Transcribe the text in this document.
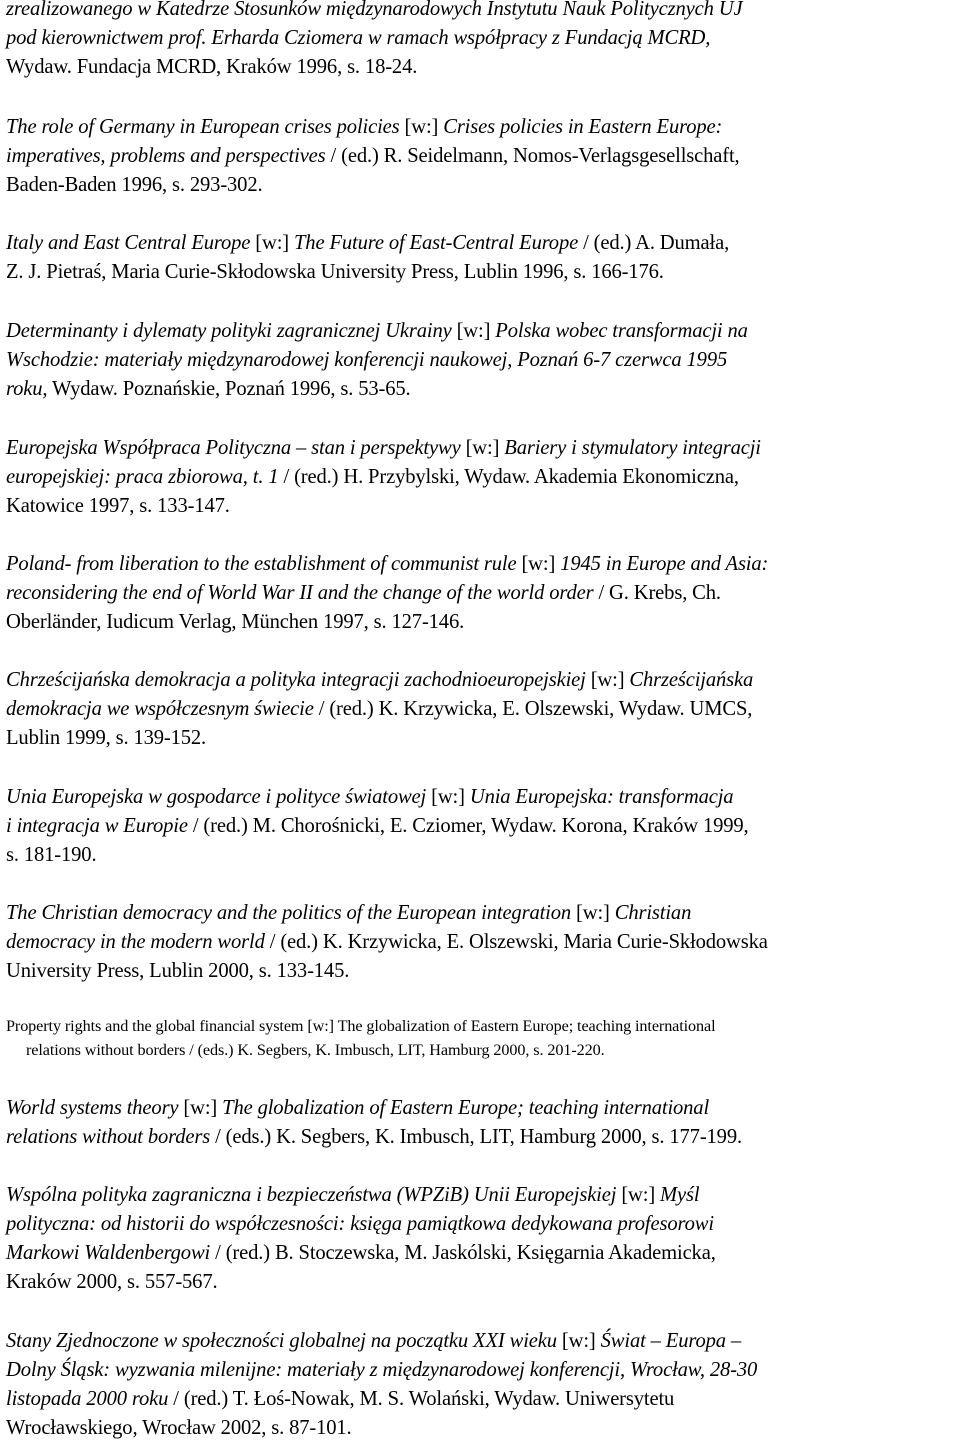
zrealizowanego w Katedrze Stosunków międzynarodowych Instytutu Nauk Politycznych UJ
pod kierownictwem prof. Erharda Cziomera w ramach współpracy z Fundacją MCRD,
Wydaw. Fundacja MCRD, Kraków 1996, s. 18-24.
The role of Germany in European crises policies [w:] Crises policies in Eastern Europe:
imperatives, problems and perspectives / (ed.) R. Seidelmann, Nomos-Verlagsgesellschaft,
Baden-Baden 1996, s. 293-302.
Italy and East Central Europe [w:] The Future of East-Central Europe / (ed.) A. Dumała,
Z. J. Pietraś, Maria Curie-Skłodowska University Press, Lublin 1996, s. 166-176.
Determinanty i dylematy polityki zagranicznej Ukrainy [w:] Polska wobec transformacji na
Wschodzie: materiały międzynarodowej konferencji naukowej, Poznań 6-7 czerwca 1995
roku, Wydaw. Poznańskie, Poznań 1996, s. 53-65.
Europejska Współpraca Polityczna – stan i perspektywy [w:] Bariery i stymulatory integracji
europejskiej: praca zbiorowa, t. 1 / (red.) H. Przybylski, Wydaw. Akademia Ekonomiczna,
Katowice 1997, s. 133-147.
Poland- from liberation to the establishment of communist rule [w:] 1945 in Europe and Asia:
reconsidering the end of World War II and the change of the world order / G. Krebs, Ch.
Oberländer, Iudicum Verlag, München 1997, s. 127-146.
Chrześcijańska demokracja a polityka integracji zachodnioeuropejskiej [w:] Chrześcijańska
demokracja we współczesnym świecie / (red.) K. Krzywicka, E. Olszewski, Wydaw. UMCS,
Lublin 1999, s. 139-152.
Unia Europejska w gospodarce i polityce światowej [w:] Unia Europejska: transformacja
i integracja w Europie / (red.) M. Chorośnicki, E. Cziomer, Wydaw. Korona, Kraków 1999,
s. 181-190.
The Christian democracy and the politics of the European integration [w:] Christian
democracy in the modern world / (ed.) K. Krzywicka, E. Olszewski, Maria Curie-Skłodowska
University Press, Lublin 2000, s. 133-145.
Property rights and the global financial system [w:] The globalization of Eastern Europe; teaching international
relations without borders / (eds.) K. Segbers, K. Imbusch, LIT, Hamburg 2000, s. 201-220.
World systems theory [w:] The globalization of Eastern Europe; teaching international
relations without borders / (eds.) K. Segbers, K. Imbusch, LIT, Hamburg 2000, s. 177-199.
Wspólna polityka zagraniczna i bezpieczeństwa (WPZiB) Unii Europejskiej [w:] Myśl
polityczna: od historii do współczesności: księga pamiątkowa dedykowana profesorowi
Markowi Waldenbergowi / (red.) B. Stoczewska, M. Jaskólski, Księgarnia Akademicka,
Kraków 2000, s. 557-567.
Stany Zjednoczone w społeczności globalnej na początku XXI wieku [w:] Świat – Europa –
Dolny Śląsk: wyzwania milenijne: materiały z międzynarodowej konferencji, Wrocław, 28-30
listopada 2000 roku / (red.) T. Łoś-Nowak, M. S. Wolański, Wydaw. Uniwersytetu
Wrocławskiego, Wrocław 2002, s. 87-101.
